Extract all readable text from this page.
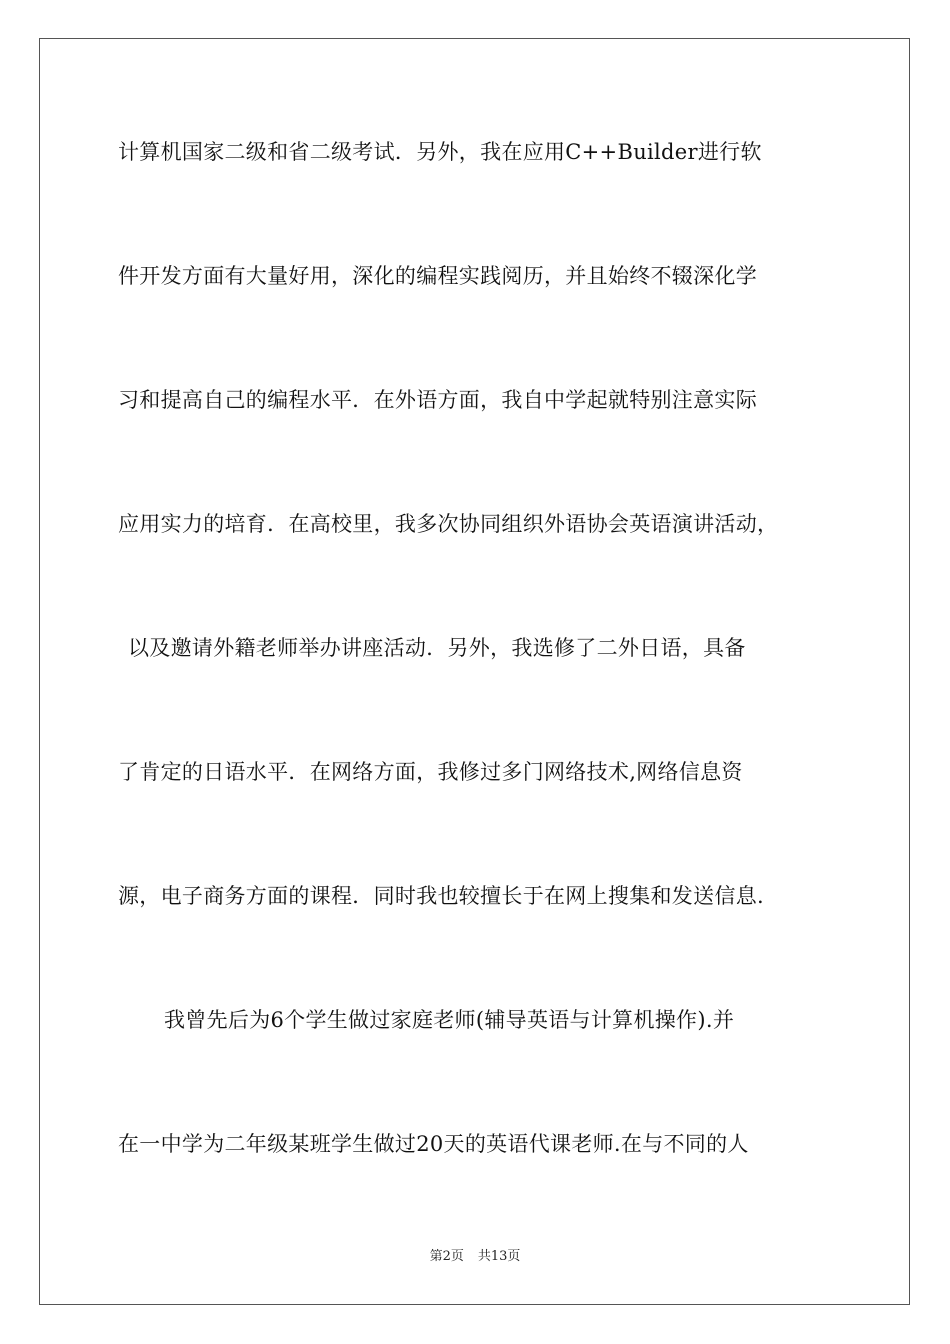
计算机国家二级和省二级考试．另外，我在应用C++Builder进行软
件开发方面有大量好用，深化的编程实践阅历，并且始终不辍深化学
习和提高自己的编程水平．在外语方面，我自中学起就特别注意实际
应用实力的培育．在高校里，我多次协同组织外语协会英语演讲活动，
以及邀请外籍老师举办讲座活动．另外，我选修了二外日语，具备
了肯定的日语水平．在网络方面，我修过多门网络技术,网络信息资
源，电子商务方面的课程．同时我也较擅长于在网上搜集和发送信息.
我曾先后为6个学生做过家庭老师(辅导英语与计算机操作).并
在一中学为二年级某班学生做过20天的英语代课老师.在与不同的人
第2页 共13页
